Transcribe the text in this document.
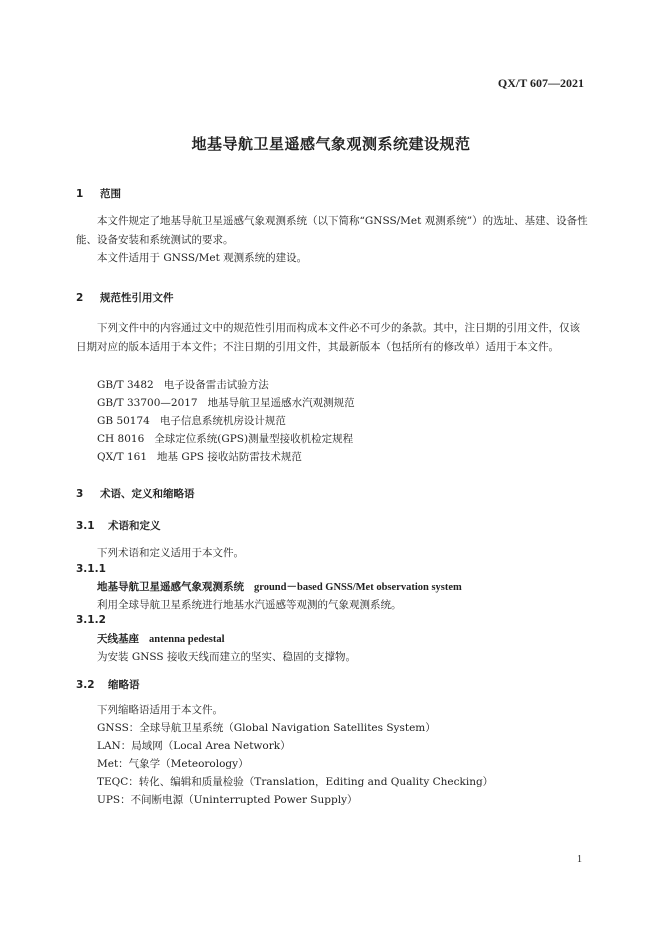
QX/T 607—2021
地基导航卫星遥感气象观测系统建设规范
1 范围
本文件规定了地基导航卫星遥感气象观测系统（以下简称“GNSS/Met 观测系统”）的选址、基建、设备性能、设备安装和系统测试的要求。
本文件适用于 GNSS/Met 观测系统的建设。
2 规范性引用文件
下列文件中的内容通过文中的规范性引用而构成本文件必不可少的条款。其中，注日期的引用文件，仅该日期对应的版本适用于本文件；不注日期的引用文件，其最新版本（包括所有的修改单）适用于本文件。
GB/T 3482 电子设备雷击试验方法
GB/T 33700—2017 地基导航卫星遥感水汽观测规范
GB 50174 电子信息系统机房设计规范
CH 8016 全球定位系统(GPS)测量型接收机检定规程
QX/T 161 地基 GPS 接收站防雷技术规范
3 术语、定义和缩略语
3.1 术语和定义
下列术语和定义适用于本文件。
3.1.1
地基导航卫星遥感气象观测系统 ground－based GNSS/Met observation system
利用全球导航卫星系统进行地基水汽遥感等观测的气象观测系统。
3.1.2
天线基座 antenna pedestal
为安装 GNSS 接收天线而建立的坚实、稳固的支撑物。
3.2 缩略语
下列缩略语适用于本文件。
GNSS：全球导航卫星系统（Global Navigation Satellites System）
LAN：局域网（Local Area Network）
Met：气象学（Meteorology）
TEQC：转化、编辑和质量检验（Translation，Editing and Quality Checking）
UPS：不间断电源（Uninterrupted Power Supply）
1
